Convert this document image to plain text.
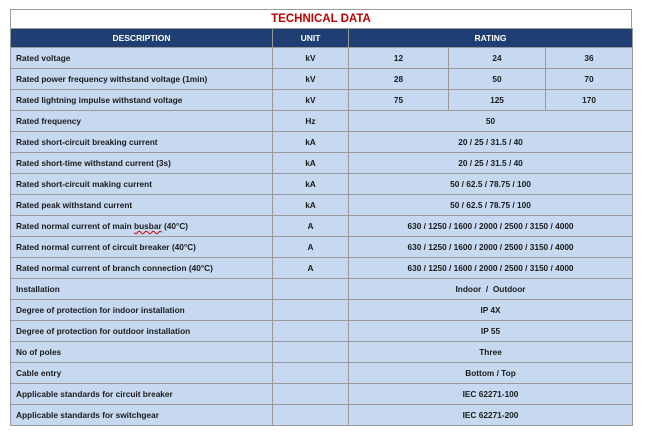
TECHNICAL DATA
DESCRIPTION	UNIT	RATING		
Rated voltage	kV	12	24	36
Rated power frequency withstand voltage (1min)	kV	28	50	70
Rated lightning impulse withstand voltage	kV	75	125	170
Rated frequency	Hz	50		
Rated short-circuit breaking current	kA	20 / 25 / 31.5 / 40		
Rated short-time withstand current (3s)	kA	20 / 25 / 31.5 / 40		
Rated short-circuit making current	kA	50 / 62.5 / 78.75 / 100		
Rated peak withstand current	kA	50 / 62.5 / 78.75 / 100		
Rated normal current of main busbar (40°C)	A	630 / 1250 / 1600 / 2000 / 2500 / 3150 / 4000		
Rated normal current of circuit breaker (40°C)	A	630 / 1250 / 1600 / 2000 / 2500 / 3150 / 4000		
Rated normal current of branch connection (40°C)	A	630 / 1250 / 1600 / 2000 / 2500 / 3150 / 4000		
Installation		Indoor  /  Outdoor		
Degree of protection for indoor installation		IP 4X		
Degree of protection for outdoor installation		IP 55		
No of poles		Three		
Cable entry		Bottom / Top		
Applicable standards for circuit breaker		IEC 62271-100		
Applicable standards for switchgear		IEC 62271-200		
